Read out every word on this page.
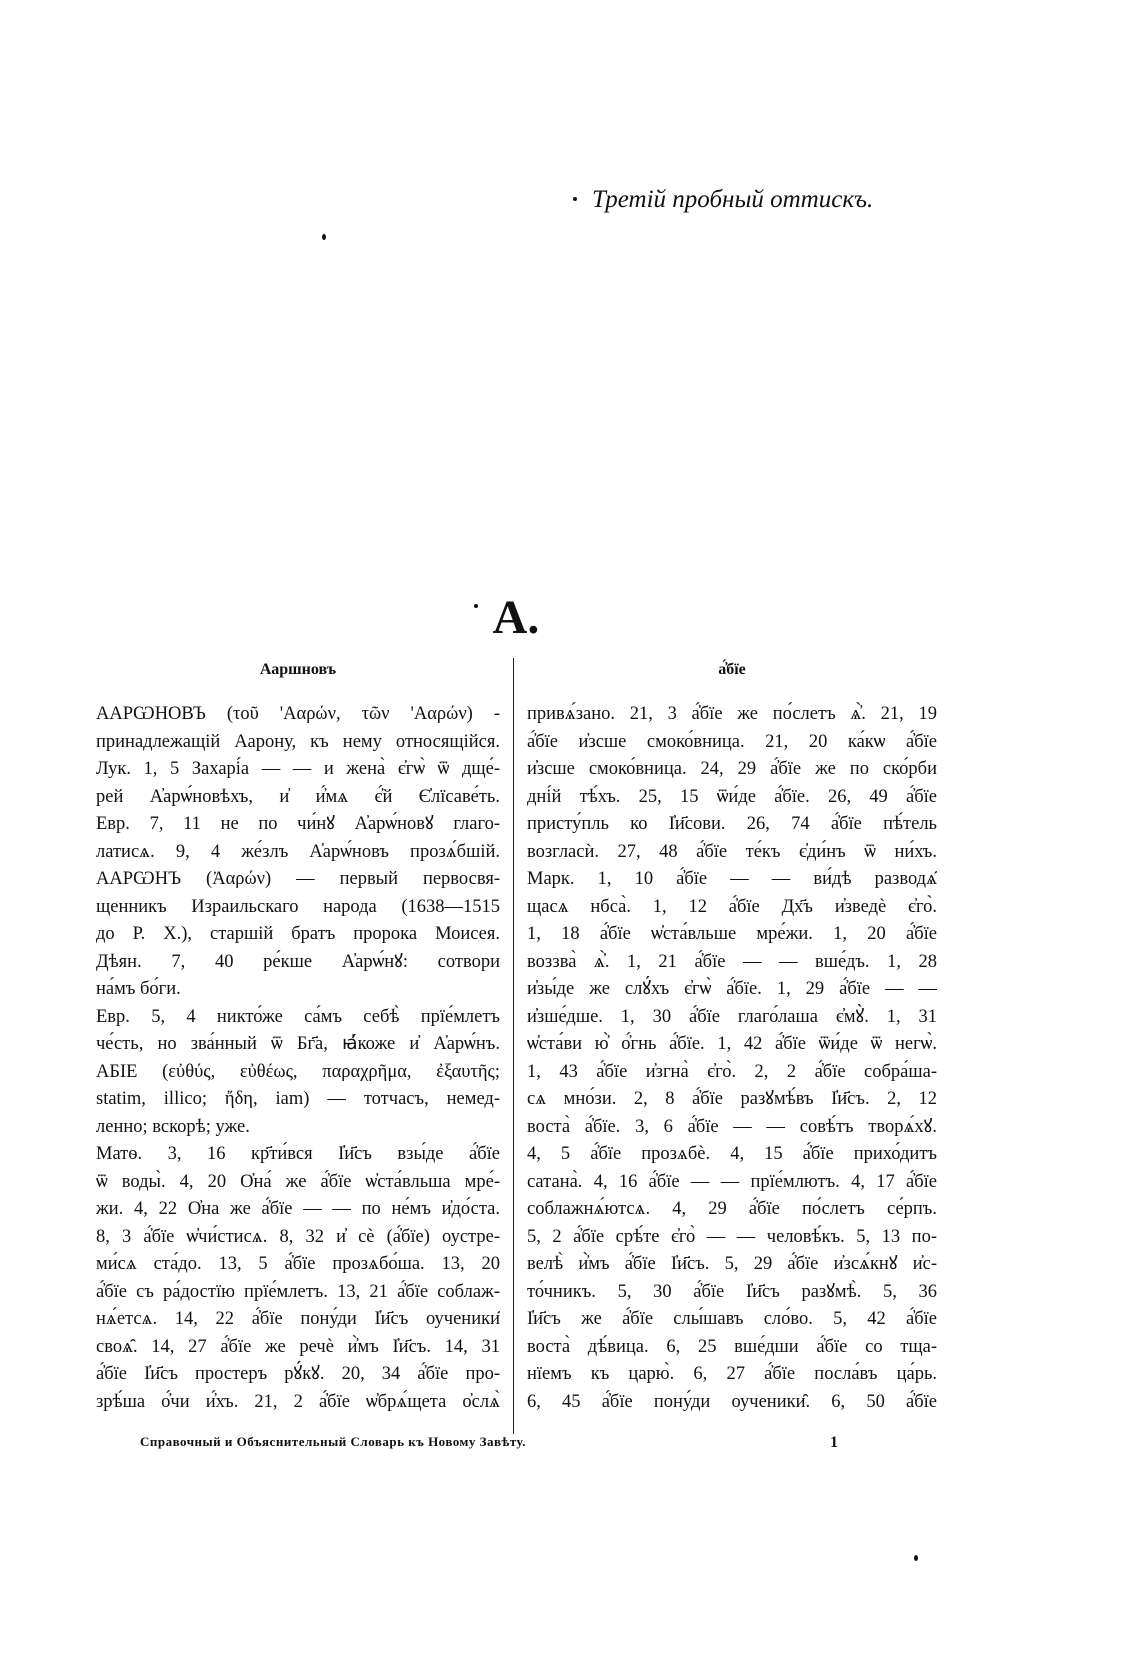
Третій пробный оттискъ.
А.
Ааршновъ
ААРѠНОВЪ (τοῦ 'Ααρών, τῶν 'Ααρών) -
принадлежащій Аарону, къ нему относящійся.
Лук. 1, 5 Захарі́а — — и жена̀ є҆гѡ̀ ѿ дще́-
рей А҆арѡ́новѣхъ, и҆ и҆́мѧ є҆́й Є҆лїсаве́ть.
Евр. 7, 11 не по чи́нꙋ А҆арѡ́новꙋ глаго-
латисѧ. 9, 4 же́злъ А҆арѡ́новъ прозѧ́бшій.
ААРѠНЪ (Ἀαρών) — первый первосвя-
щенникъ Израильскаго народа (1638—1515
до Р. Х.), старшій братъ пророка Моисея.
Дѣян. 7, 40 ре́кше А҆арѡ́нꙋ: сотвори
на́мъ бо́ги.
Евр. 5, 4 никто́же са́мъ себѣ̀ прїе́млетъ
че́сть, но зва́нный ѿ Бг҃а, ꙗ҆́коже и҆ А҆арѡ́нъ.
АБІЕ (εὐθύς, εὐθέως, παραχρῆμα, ἐξαυτῆς;
statim, illico; ἤδη, iam) — тотчасъ, немед-
ленно; вскорѣ; уже.
Матѳ. 3, 16 кр҃ти́вся І҆и҃съ взы́де а҆́бїе
ѿ воды̀. 4, 20 О҆на́ же а҆́бїе ѡ҆ста́вльша мре́-
жи. 4, 22 О҆на же а҆́бїе — — по не́мъ и҆до́ста.
8, 3 а҆́бїе ѡ҆чи́стисѧ. 8, 32 и҆ сѐ (а҆́бїе) оустре-
ми́сѧ ста́до. 13, 5 а҆́бїе прозѧбо́ша. 13, 20
а҆́бїе съ ра́достїю прїе́млетъ. 13, 21 а҆́бїе соблаж-
нѧ́етсѧ. 14, 22 а҆́бїе пону́ди І҆и҃съ оученики̑
своѧ̑. 14, 27 а҆́бїе же речѐ и҆̀мъ І҆и҃съ. 14, 31
а҆́бїе І҆и҃съ простеръ рꙋ́кꙋ. 20, 34 а҆́бїе про-
зрѣ́ша о҆́чи и҆́хъ. 21, 2 а҆́бїе ѡ҆брѧ́щета о҆слѧ̀
а҆́бїе
привѧ́зано. 21, 3 а҆́бїе же по́слетъ ѧ҆̀. 21, 19
а҆́бїе и҆зсше смоко́вница. 21, 20 ка́кѡ а҆́бїе
и҆зсше смоко́вница. 24, 29 а҆́бїе же по ско́рби
дні́й тѣ́хъ. 25, 15 ѿи́де а҆́бїе. 26, 49 а҆́бїе
присту́пль ко І҆и҃сови. 26, 74 а҆́бїе пѣ́тель
возгласѝ. 27, 48 а҆́бїе те́къ є҆ди́нъ ѿ ни́хъ.
Марк. 1, 10 а҆́бїе — — ви́дѣ разводѧ̑
щасѧ нбса̀. 1, 12 а҆́бїе Дх҃ъ и҆зведѐ є҆го̀.
1, 18 а҆́бїе ѡ҆ста́вльше мре́жи. 1, 20 а҆́бїе
воззва̀ ѧ҆̀. 1, 21 а҆́бїе — — вше́дъ. 1, 28
и҆зы́де же слꙋ́хъ є҆гѡ̀ а҆́бїе. 1, 29 а҆́бїе — —
и҆зше́дше. 1, 30 а҆́бїе глаго́лаша є҆мꙋ̀. 1, 31
ѡ҆ста́ви ю҆̀ о҆́гнь а҆́бїе. 1, 42 а҆́бїе ѿи́де ѿ негѡ̀.
1, 43 а҆́бїе и҆згна̀ є҆го̀. 2, 2 а҆́бїе собра́ша-
сѧ мно́зи. 2, 8 а҆́бїе разꙋмѣ́въ І҆и҃съ. 2, 12
воста̀ а҆́бїе. 3, 6 а҆́бїе — — совѣ́тъ творѧ́хꙋ.
4, 5 а҆́бїе прозѧбѐ. 4, 15 а҆́бїе прихо́дитъ
сатана̀. 4, 16 а҆́бїе — — прїе́млютъ. 4, 17 а҆́бїе
соблажнѧ́ютсѧ. 4, 29 а҆́бїе по́слетъ се́рпъ.
5, 2 а҆́бїе срѣ́те є҆го̀ — — человѣ́къ. 5, 13 по-
велѣ̀ и҆̀мъ а҆́бїе І҆и҃съ. 5, 29 а҆́бїе и҆зсѧ́кнꙋ и҆с-
то́чникъ. 5, 30 а҆́бїе І҆и҃съ разꙋмѣ̀. 5, 36
І҆и҃съ же а҆́бїе слы́шавъ сло́во. 5, 42 а҆́бїе
воста̀ дѣ́вица. 6, 25 вше́дши а҆́бїе со тща-
нїемъ къ царю̀. 6, 27 а҆́бїе посла́въ ца́рь.
6, 45 а҆́бїе пону́ди оученики̑. 6, 50 а҆́бїе
Справочный и Объяснительный Словарь къ Новому Завѣту.	1
